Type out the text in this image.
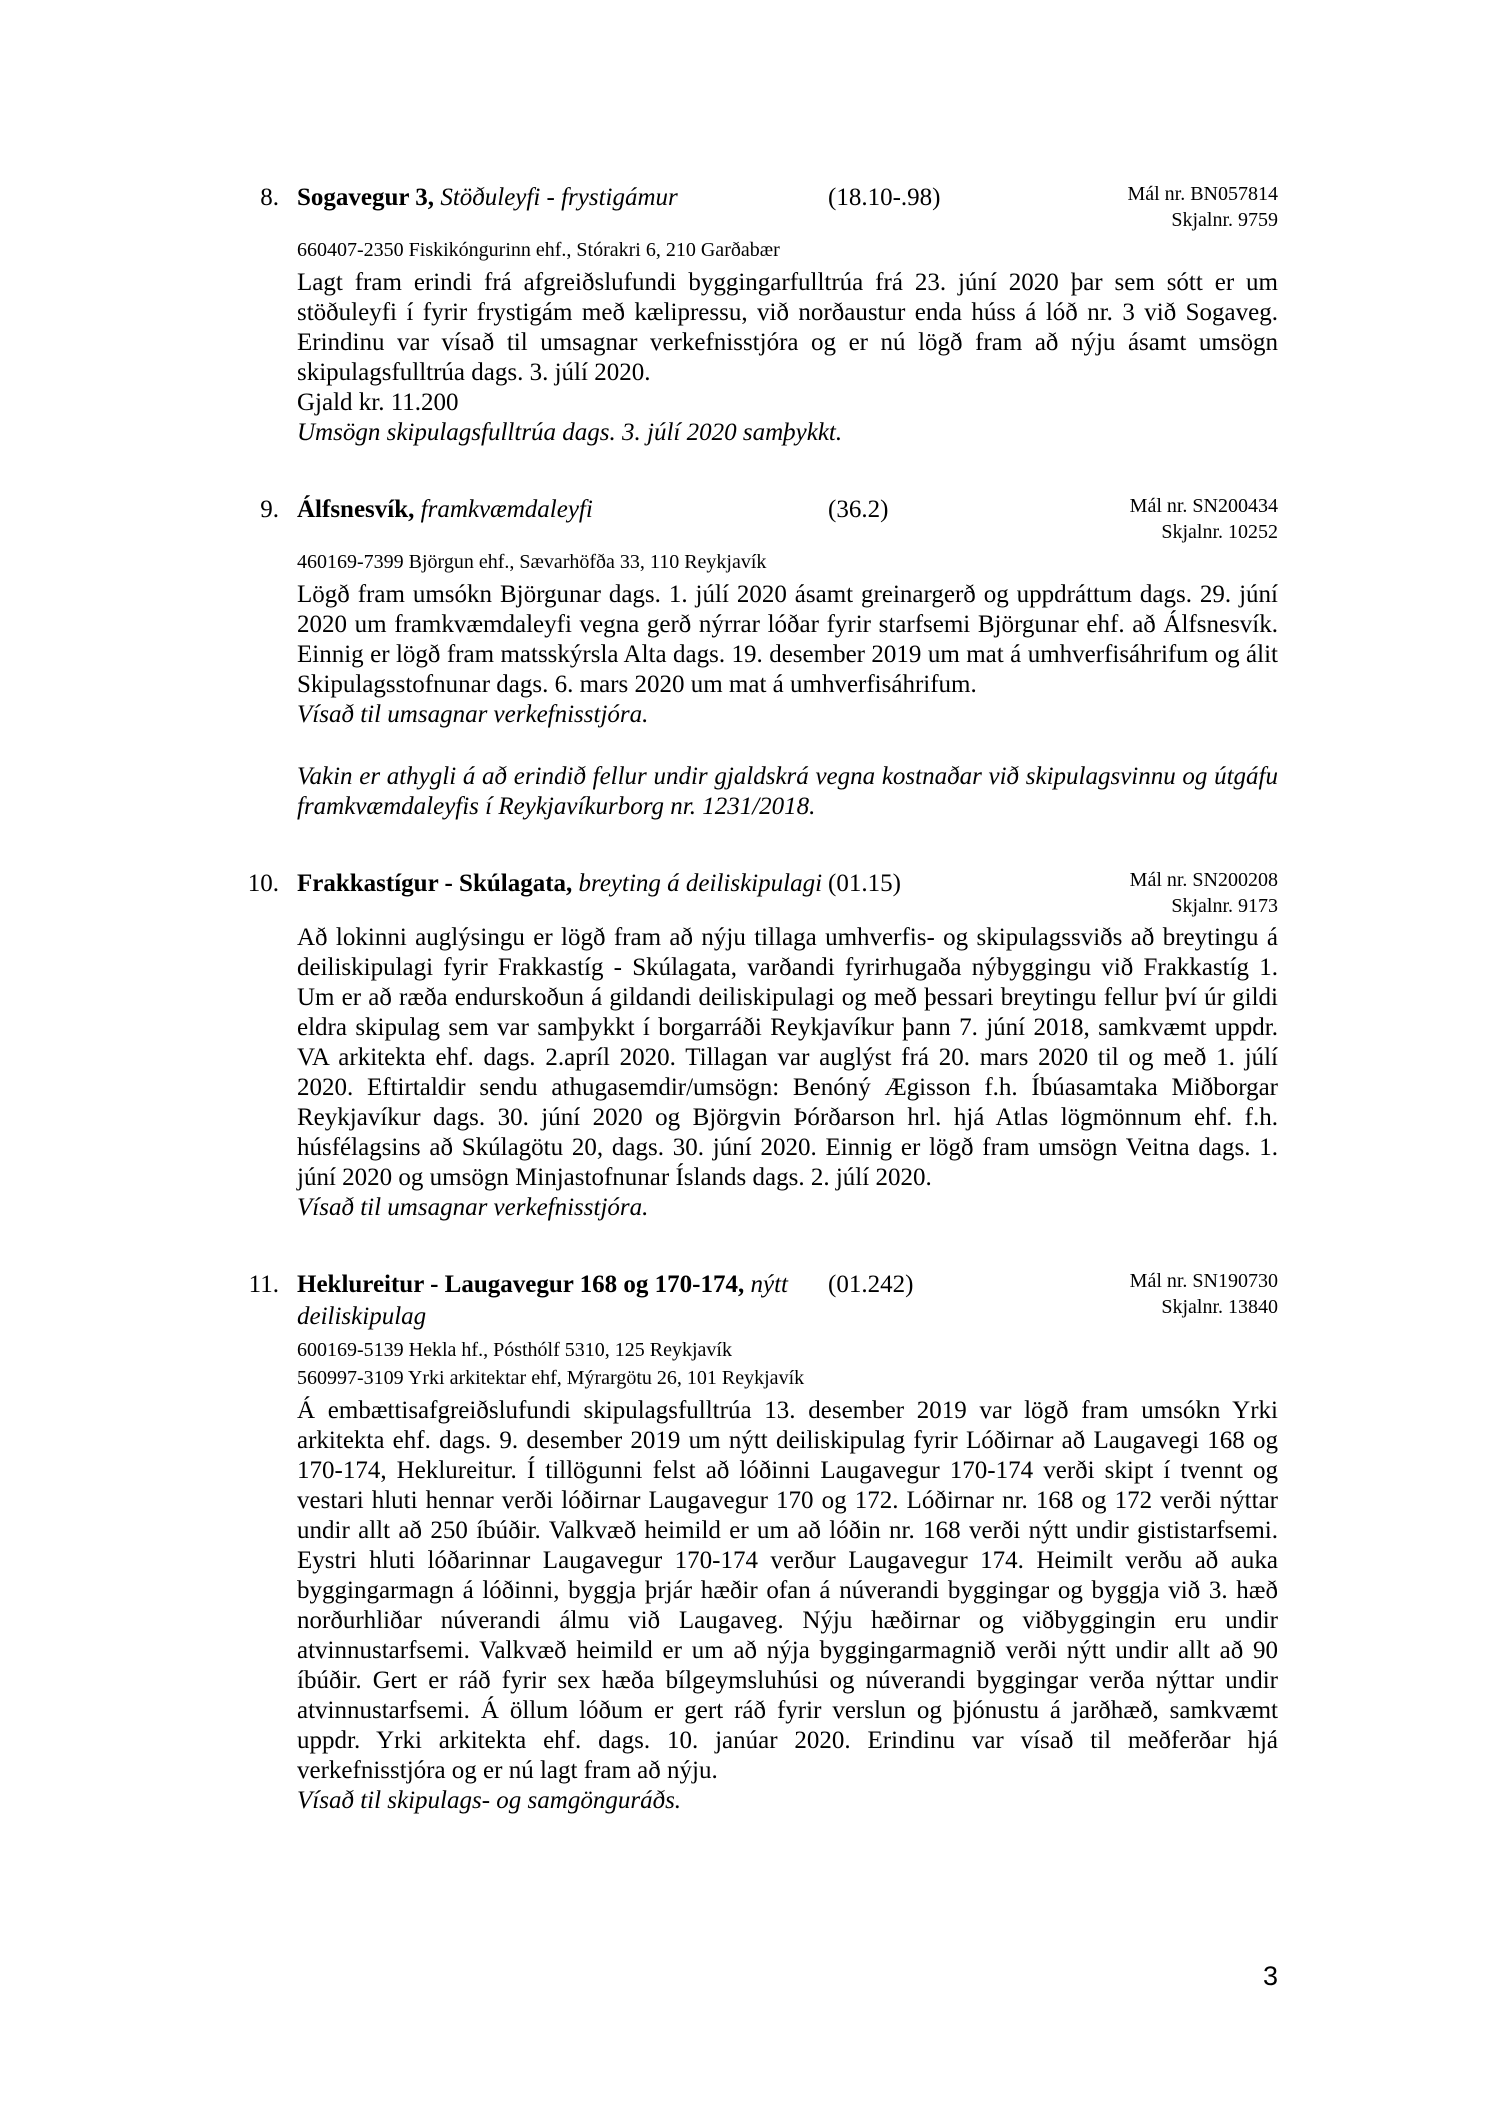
8. Sogavegur 3, Stöðuleyfi - frystigámur	(18.10-.98)	Mál nr. BN057814
Skjalnr. 9759
660407-2350 Fiskikóngurinn ehf., Stórakri 6, 210 Garðabær

Lagt fram erindi frá afgreiðslufundi byggingarfulltrúa frá 23. júní 2020 þar sem sótt er um stöðuleyfi í fyrir frystigám með kælipressu, við norðaustur enda húss á lóð nr. 3 við Sogaveg. Erindinu var vísað til umsagnar verkefnisstjóra og er nú lögð fram að nýju ásamt umsögn skipulagsfulltrúa dags. 3. júlí 2020.

Gjald kr. 11.200

Umsögn skipulagsfulltrúa dags. 3. júlí 2020 samþykkt.

9. Álfsnesvík, framkvæmdaleyfi	(36.2)	Mál nr. SN200434
Skjalnr. 10252
460169-7399 Björgun ehf., Sævarhöfða 33, 110 Reykjavík

Lögð fram umsókn Björgunar dags. 1. júlí 2020 ásamt greinargerð og uppdráttum dags. 29. júní 2020 um framkvæmdaleyfi vegna gerð nýrrar lóðar fyrir starfsemi Björgunar ehf. að Álfsnesvík. Einnig er lögð fram matsskýrsla Alta dags. 19. desember 2019 um mat á umhverfisáhrifum og álit Skipulagsstofnunar dags. 6. mars 2020 um mat á umhverfisáhrifum.

Vísað til umsagnar verkefnisstjóra.

Vakin er athygli á að erindið fellur undir gjaldskrá vegna kostnaðar við skipulagsvinnu og útgáfu framkvæmdaleyfis í Reykjavíkurborg nr. 1231/2018.

10. Frakkastígur - Skúlagata, breyting á deiliskipulagi (01.15)	Mál nr. SN200208
Skjalnr. 9173

Að lokinni auglýsingu er lögð fram að nýju tillaga umhverfis- og skipulagssviðs að breytingu á deiliskipulagi fyrir Frakkastíg - Skúlagata, varðandi fyrirhugaða nýbyggingu við Frakkastíg 1. Um er að ræða endurskoðun á gildandi deiliskipulagi og með þessari breytingu fellur því úr gildi eldra skipulag sem var samþykkt í borgarráði Reykjavíkur þann 7. júní 2018, samkvæmt uppdr. VA arkitekta ehf. dags. 2.apríl 2020. Tillagan var auglýst frá 20. mars 2020 til og með 1. júlí 2020. Eftirtaldir sendu athugasemdir/umsögn: Benóný Ægisson f.h. Íbúasamtaka Miðborgar Reykjavíkur dags. 30. júní 2020 og Björgvin Þórðarson hrl. hjá Atlas lögmönnum ehf. f.h. húsfélagsins að Skúlagötu 20, dags. 30. júní 2020. Einnig er lögð fram umsögn Veitna dags. 1. júní 2020 og umsögn Minjastofnunar Íslands dags. 2. júlí 2020.

Vísað til umsagnar verkefnisstjóra.

11. Heklureitur - Laugavegur 168 og 170-174, nýtt deiliskipulag
(01.242)	Mál nr. SN190730
Skjalnr. 13840
600169-5139 Hekla hf., Pósthólf 5310, 125 Reykjavík
560997-3109 Yrki arkitektar ehf, Mýrargötu 26, 101 Reykjavík

Á embættisafgreiðslufundi skipulagsfulltrúa 13. desember 2019 var lögð fram umsókn Yrki arkitekta ehf. dags. 9. desember 2019 um nýtt deiliskipulag fyrir Lóðirnar að Laugavegi 168 og 170-174, Heklureitur. Í tillögunni felst að lóðinni Laugavegur 170-174 verði skipt í tvennt og vestari hluti hennar verði lóðirnar Laugavegur 170 og 172. Lóðirnar nr. 168 og 172 verði nýttar undir allt að 250 íbúðir. Valkvæð heimild er um að lóðin nr. 168 verði nýtt undir gististarfsemi. Eystri hluti lóðarinnar Laugavegur 170-174 verður Laugavegur 174. Heimilt verðu að auka byggingarmagn á lóðinni, byggja þrjár hæðir ofan á núverandi byggingar og byggja við 3. hæð norðurhliðar núverandi álmu við Laugaveg. Nýju hæðirnar og viðbyggingin eru undir atvinnustarfsemi. Valkvæð heimild er um að nýja byggingarmagnið verði nýtt undir allt að 90 íbúðir. Gert er ráð fyrir sex hæða bílgeymsluhúsi og núverandi byggingar verða nýttar undir atvinnustarfsemi. Á öllum lóðum er gert ráð fyrir verslun og þjónustu á jarðhæð, samkvæmt uppdr. Yrki arkitekta ehf. dags. 10. janúar 2020. Erindinu var vísað til meðferðar hjá verkefnisstjóra og er nú lagt fram að nýju.

Vísað til skipulags- og samgönguráðs.

3
